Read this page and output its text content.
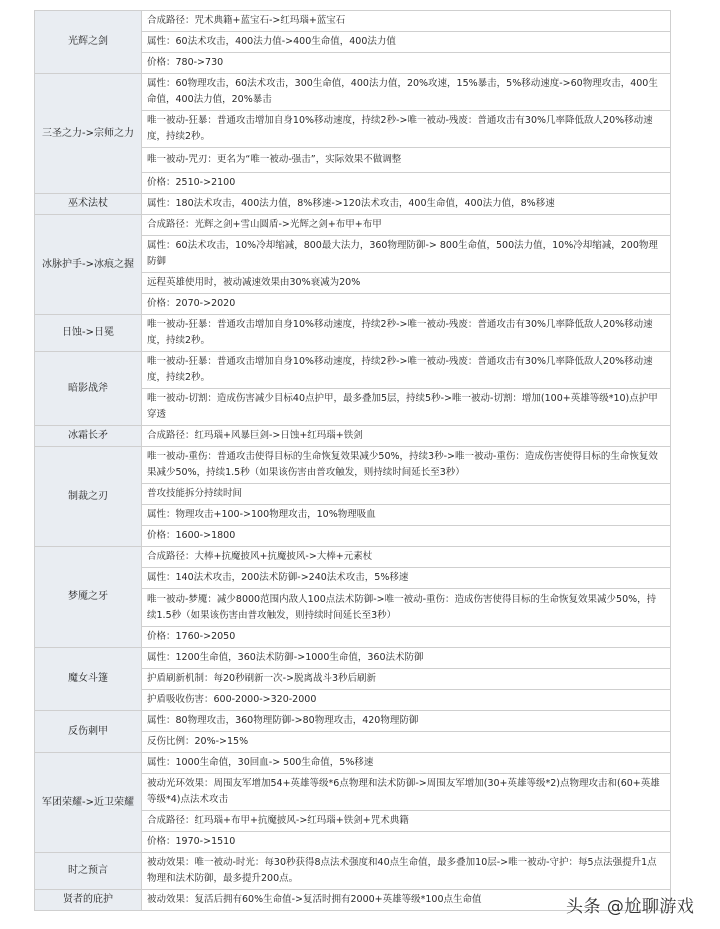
光辉之剑	合成路径：咒术典籍+蓝宝石->红玛瑙+蓝宝石
	属性：60法术攻击，400法力值->400生命值，400法力值
	价格：780->730
三圣之力->宗师之力	属性：60物理攻击，60法术攻击，300生命值，400法力值，20%攻速，15%暴击，5%移动速度->60物理攻击，400生命值，400法力值，20%暴击
	唯一被动-狂暴：普通攻击增加自身10%移动速度，持续2秒->唯一被动-残废：普通攻击有30%几率降低敌人20%移动速度，持续2秒。
	唯一被动-咒刃：更名为“唯一被动-强击”，实际效果不做调整
	价格：2510->2100
巫术法杖	属性：180法术攻击，400法力值，8%移速->120法术攻击，400生命值，400法力值，8%移速
冰脉护手->冰痕之握	合成路径：光辉之剑+雪山圆盾->光辉之剑+布甲+布甲
	属性：60法术攻击，10%冷却缩减，800最大法力，360物理防御-> 800生命值，500法力值，10%冷却缩减，200物理防御
	远程英雄使用时，被动减速效果由30%衰减为20%
	价格：2070->2020
日蚀->日冕	唯一被动-狂暴：普通攻击增加自身10%移动速度，持续2秒->唯一被动-残废：普通攻击有30%几率降低敌人20%移动速度，持续2秒。
暗影战斧	唯一被动-狂暴：普通攻击增加自身10%移动速度，持续2秒->唯一被动-残废：普通攻击有30%几率降低敌人20%移动速度，持续2秒。
	唯一被动-切割：造成伤害减少目标40点护甲，最多叠加5层，持续5秒->唯一被动-切割：增加(100+英雄等级*10)点护甲穿透
冰霜长矛	合成路径：红玛瑙+风暴巨剑->日蚀+红玛瑙+铁剑
制裁之刃	唯一被动-重伤：普通攻击使得目标的生命恢复效果减少50%，持续3秒->唯一被动-重伤：造成伤害使得目标的生命恢复效果减少50%，持续1.5秒（如果该伤害由普攻触发，则持续时间延长至3秒）
	普攻技能拆分持续时间
	属性：物理攻击+100->100物理攻击，10%物理吸血
	价格：1600->1800
梦魇之牙	合成路径：大棒+抗魔披风+抗魔披风->大棒+元素杖
	属性：140法术攻击，200法术防御->240法术攻击，5%移速
	唯一被动-梦魇：减少8000范围内敌人100点法术防御->唯一被动-重伤：造成伤害使得目标的生命恢复效果减少50%，持续1.5秒（如果该伤害由普攻触发，则持续时间延长至3秒）
	价格：1760->2050
魔女斗篷	属性：1200生命值，360法术防御->1000生命值，360法术防御
	护盾刷新机制：每20秒刷新一次->脱离战斗3秒后刷新
	护盾吸收伤害：600-2000->320-2000
反伤刺甲	属性：80物理攻击，360物理防御->80物理攻击，420物理防御
	反伤比例：20%->15%
军团荣耀->近卫荣耀	属性：1000生命值，30回血-> 500生命值，5%移速
	被动光环效果：周围友军增加54+英雄等级*6点物理和法术防御->周围友军增加(30+英雄等级*2)点物理攻击和(60+英雄等级*4)点法术攻击
	合成路径：红玛瑙+布甲+抗魔披风->红玛瑙+铁剑+咒术典籍
	价格：1970->1510
时之预言	被动效果：唯一被动-时光：每30秒获得8点法术强度和40点生命值，最多叠加10层->唯一被动-守护：每5点法强提升1点物理和法术防御，最多提升200点。
贤者的庇护	被动效果：复活后拥有60%生命值->复活时拥有2000+英雄等级*100点生命值	头条 @尬聊游戏
